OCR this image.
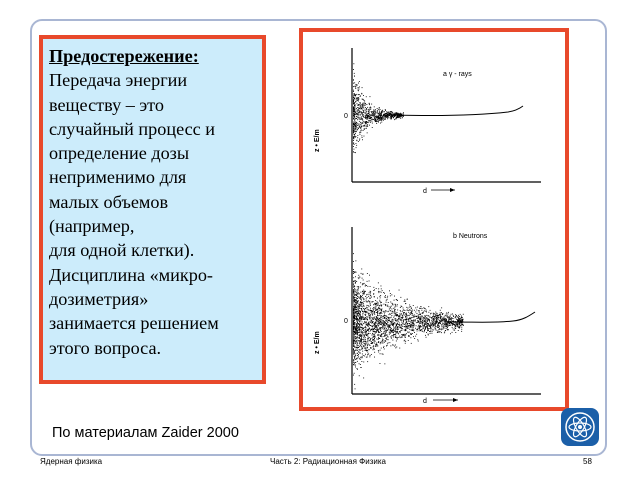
Предостережение:
Передача энергии
веществу – это
случайный процесс и
определение дозы
неприменимо для
малых объемов
(например,
для одной клетки).
Дисциплина «микро-
дозиметрия»
занимается решением
этого вопроса.
a γ - rays
z • E/m
0
d
b Neutrons
z • E/m
0
d
По материалам Zaider 2000
Ядерная физика	Часть 2: Радиационная Физика	58
